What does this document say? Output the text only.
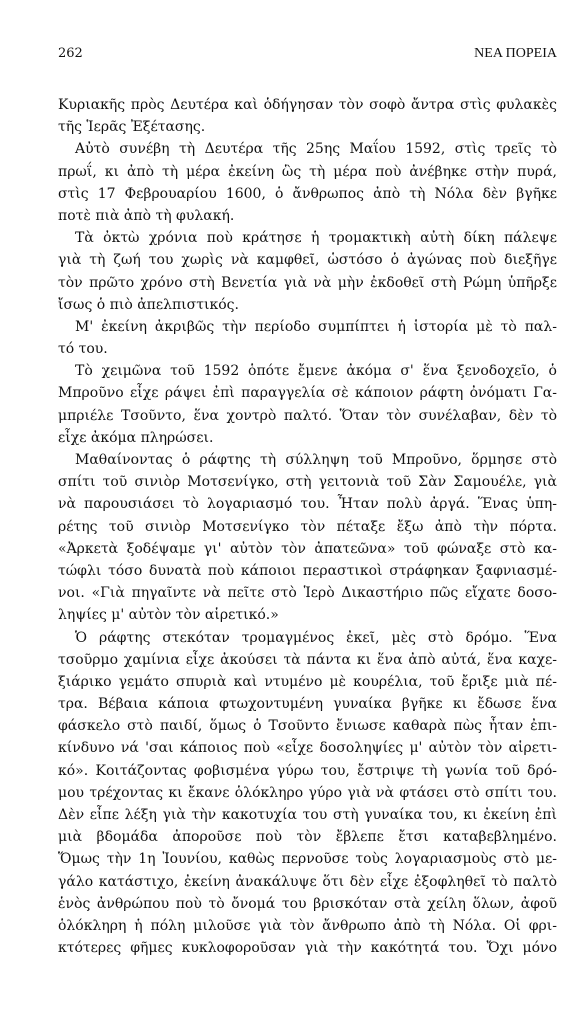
262	ΝΕΑ ΠΟΡΕΙΑ
Κυριακῆς πρὸς Δευτέρα καὶ ὁδήγησαν τὸν σοφὸ ἄντρα στὶς φυλακὲς
τῆς Ἱερᾶς Ἐξέτασης.
Αὐτὸ συνέβη τὴ Δευτέρα τῆς 25ης Μαΐου 1592, στὶς τρεῖς τὸ
πρωΐ, κι ἀπὸ τὴ μέρα ἐκείνη ὣς τὴ μέρα ποὺ ἀνέβηκε στὴν πυρά,
στὶς 17 Φεβρουαρίου 1600, ὁ ἄνθρωπος ἀπὸ τὴ Νόλα δὲν βγῆκε
ποτὲ πιὰ ἀπὸ τὴ φυλακή.
Τὰ ὀκτὼ χρόνια ποὺ κράτησε ἡ τρομακτικὴ αὐτὴ δίκη πάλεψε
γιὰ τὴ ζωή του χωρὶς νὰ καμφθεῖ, ὡστόσο ὁ ἀγώνας ποὺ διεξῆγε
τὸν πρῶτο χρόνο στὴ Βενετία γιὰ νὰ μὴν ἐκδοθεῖ στὴ Ρώμη ὑπῆρξε
ἴσως ὁ πιὸ ἀπελπιστικός.
Μ' ἐκείνη ἀκριβῶς τὴν περίοδο συμπίπτει ἡ ἱστορία μὲ τὸ παλ-
τό του.
Τὸ χειμῶνα τοῦ 1592 ὁπότε ἔμενε ἀκόμα σ' ἕνα ξενοδοχεῖο, ὁ
Μπροῦνο εἶχε ράψει ἐπὶ παραγγελία σὲ κάποιον ράφτη ὀνόματι Γα-
μπριέλε Τσοῦντο, ἕνα χοντρὸ παλτό. Ὅταν τὸν συνέλαβαν, δὲν τὸ
εἶχε ἀκόμα πληρώσει.
Μαθαίνοντας ὁ ράφτης τὴ σύλληψη τοῦ Μπροῦνο, ὅρμησε στὸ
σπίτι τοῦ σινιὸρ Μοτσενίγκο, στὴ γειτονιὰ τοῦ Σὰν Σαμουέλε, γιὰ
νὰ παρουσιάσει τὸ λογαριασμό του. Ἦταν πολὺ ἀργά. Ἕνας ὑπη-
ρέτης τοῦ σινιὸρ Μοτσενίγκο τὸν πέταξε ἔξω ἀπὸ τὴν πόρτα.
«Ἀρκετὰ ξοδέψαμε γι' αὐτὸν τὸν ἀπατεῶνα» τοῦ φώναξε στὸ κα-
τώφλι τόσο δυνατὰ ποὺ κάποιοι περαστικοὶ στράφηκαν ξαφνιασμέ-
νοι. «Γιὰ πηγαῖντε νὰ πεῖτε στὸ Ἱερὸ Δικαστήριο πῶς εἴχατε δοσο-
ληψίες μ' αὐτὸν τὸν αἱρετικό.»
Ὁ ράφτης στεκόταν τρομαγμένος ἐκεῖ, μὲς στὸ δρόμο. Ἕνα
τσοῦρμο χαμίνια εἶχε ἀκούσει τὰ πάντα κι ἕνα ἀπὸ αὐτά, ἕνα καχε-
ξιάρικο γεμάτο σπυριὰ καὶ ντυμένο μὲ κουρέλια, τοῦ ἔριξε μιὰ πέ-
τρα. Βέβαια κάποια φτωχοντυμένη γυναίκα βγῆκε κι ἔδωσε ἕνα
φάσκελο στὸ παιδί, ὅμως ὁ Τσοῦντο ἔνιωσε καθαρὰ πὼς ἦταν ἐπι-
κίνδυνο νά 'σαι κάποιος ποὺ «εἶχε δοσοληψίες μ' αὐτὸν τὸν αἱρετι-
κό». Κοιτάζοντας φοβισμένα γύρω του, ἔστριψε τὴ γωνία τοῦ δρό-
μου τρέχοντας κι ἔκανε ὁλόκληρο γύρο γιὰ νὰ φτάσει στὸ σπίτι του.
Δὲν εἶπε λέξη γιὰ τὴν κακοτυχία του στὴ γυναίκα του, κι ἐκείνη ἐπὶ
μιὰ βδομάδα ἀποροῦσε ποὺ τὸν ἔβλεπε ἔτσι καταβεβλημένο.
Ὅμως τὴν 1η Ἰουνίου, καθὼς περνοῦσε τοὺς λογαριασμοὺς στὸ με-
γάλο κατάστιχο, ἐκείνη ἀνακάλυψε ὅτι δὲν εἶχε ἐξοφληθεῖ τὸ παλτὸ
ἑνὸς ἀνθρώπου ποὺ τὸ ὄνομά του βρισκόταν στὰ χείλη ὅλων, ἀφοῦ
ὁλόκληρη ἡ πόλη μιλοῦσε γιὰ τὸν ἄνθρωπο ἀπὸ τὴ Νόλα. Οἱ φρι-
κτότερες φῆμες κυκλοφοροῦσαν γιὰ τὴν κακότητά του. Ὄχι μόνο
